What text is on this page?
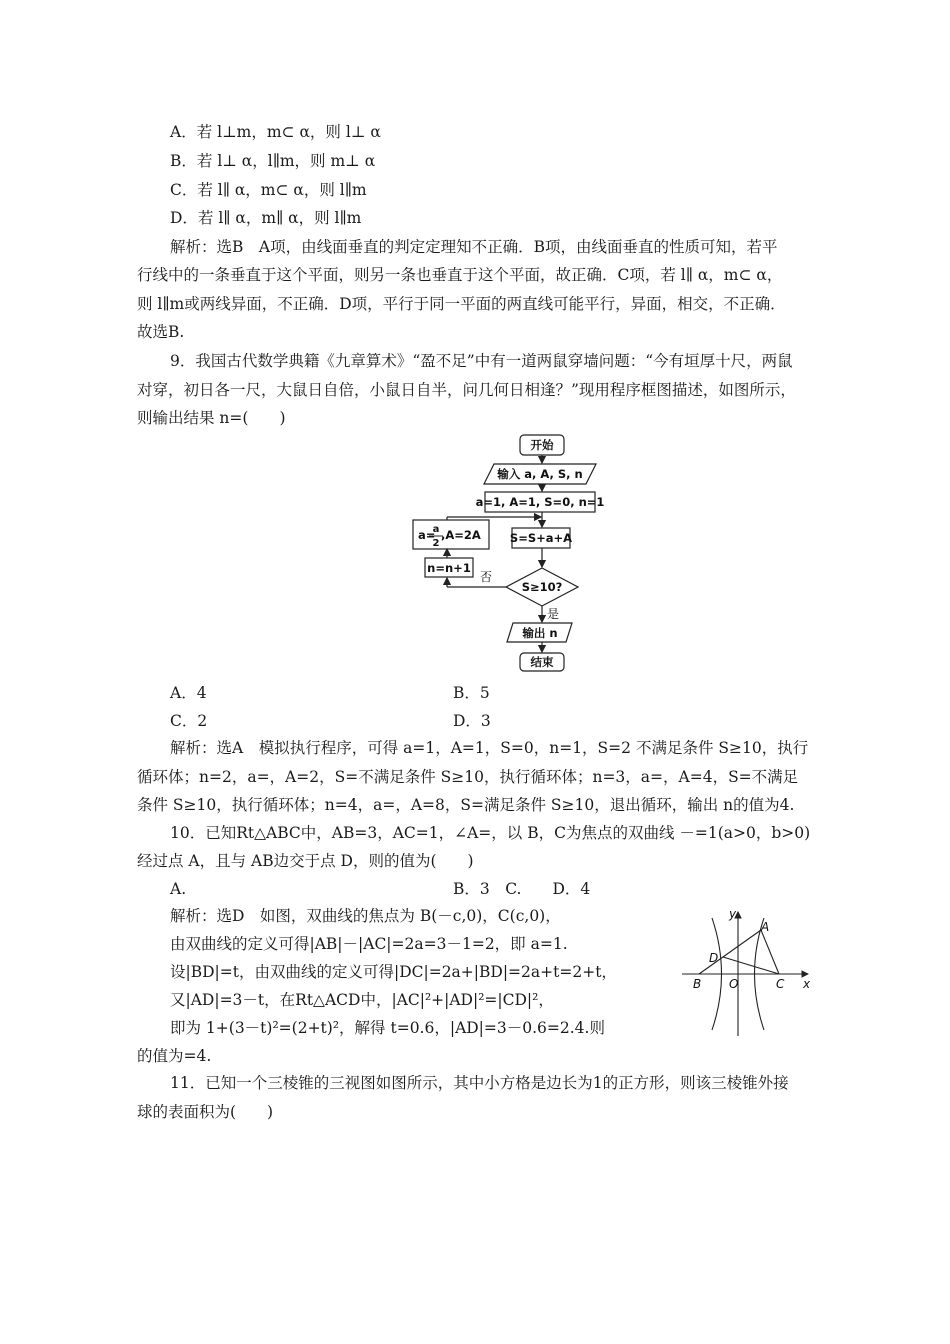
A．若 l⊥m，m⊂ α，则 l⊥ α
B．若 l⊥ α，l∥m，则 m⊥ α
C．若 l∥ α，m⊂ α，则 l∥m
D．若 l∥ α，m∥ α，则 l∥m
解析：选B　A项，由线面垂直的判定定理知不正确．B项，由线面垂直的性质可知，若平
行线中的一条垂直于这个平面，则另一条也垂直于这个平面，故正确．C项，若 l∥ α，m⊂ α，
则 l∥m或两线异面，不正确．D项，平行于同一平面的两直线可能平行，异面，相交，不正确．
故选B.
9．我国古代数学典籍《九章算术》“盈不足”中有一道两鼠穿墙问题：“今有垣厚十尺，两鼠
对穿，初日各一尺，大鼠日自倍，小鼠日自半，问几何日相逢？”现用程序框图描述，如图所示，
则输出结果 n=(　　)
开始
输入 a, A, S, n
a=1, A=1, S=0, n=1
S=S+a+A
S≥10?
输出 n
结束
n=n+1
a=
a
2
,A=2A
否
是
A．4	B．5
C．2	D．3
解析：选A　模拟执行程序，可得 a=1，A=1，S=0，n=1，S=2 不满足条件 S≥10，执行
循环体；n=2，a=，A=2，S=不满足条件 S≥10，执行循环体；n=3，a=，A=4，S=不满足
条件 S≥10，执行循环体；n=4，a=，A=8，S=满足条件 S≥10，退出循环，输出 n的值为4.
10．已知Rt△ABC中，AB=3，AC=1，∠A=，以 B，C为焦点的双曲线 －=1(a>0，b>0)
经过点 A，且与 AB边交于点 D，则的值为(　　)
A.	B．3　C.　　D．4
解析：选D　如图，双曲线的焦点为 B(－c,0)，C(c,0)，
由双曲线的定义可得|AB|－|AC|=2a=3－1=2，即 a=1.
设|BD|=t，由双曲线的定义可得|DC|=2a+|BD|=2a+t=2+t，
又|AD|=3－t，在Rt△ACD中，|AC|²+|AD|²=|CD|²，
即为 1+(3－t)²=(2+t)²，解得 t=0.6，|AD|=3－0.6=2.4.则
的值为=4.
y
x
A
B	C
D
O
11．已知一个三棱锥的三视图如图所示，其中小方格是边长为1的正方形，则该三棱锥外接
球的表面积为(　　)
